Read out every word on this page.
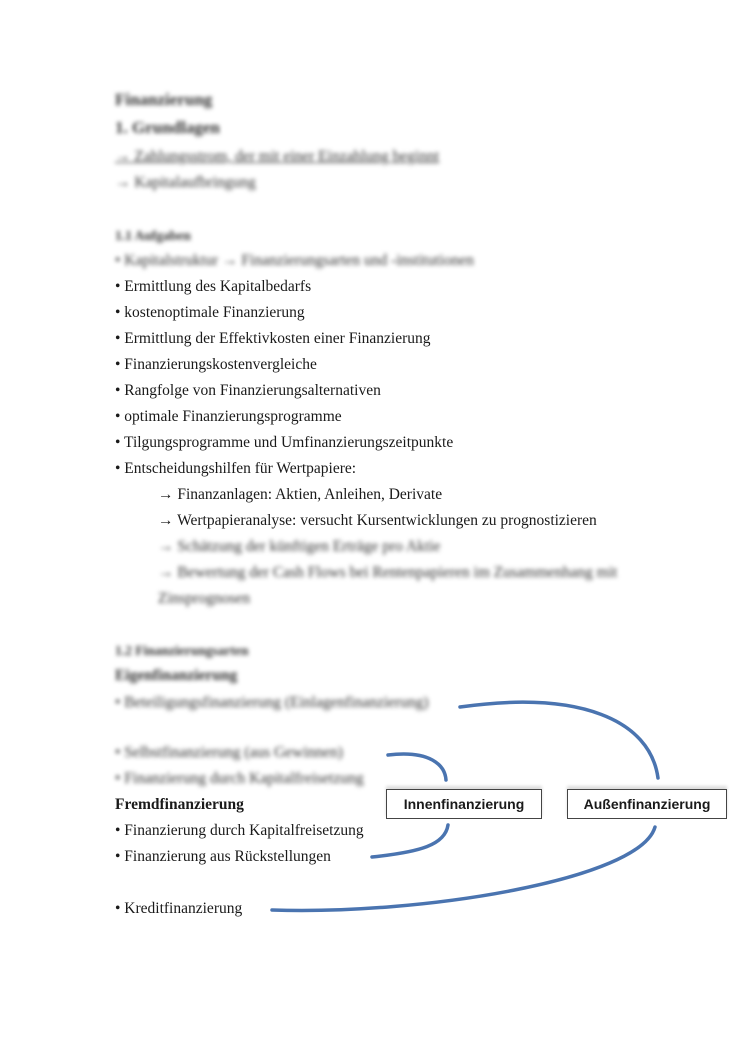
Finanzierung
1. Grundlagen
→ Zahlungsstrom, der mit einer Einzahlung beginnt
→ Kapitalaufbringung
1.1 Aufgaben
• Kapitalstruktur → Finanzierungsarten und -institutionen
• Ermittlung des Kapitalbedarfs
• kostenoptimale Finanzierung
• Ermittlung der Effektivkosten einer Finanzierung
• Finanzierungskostenvergleiche
• Rangfolge von Finanzierungsalternativen
• optimale Finanzierungsprogramme
• Tilgungsprogramme und Umfinanzierungszeitpunkte
• Entscheidungshilfen für Wertpapiere:
→ Finanzanlagen: Aktien, Anleihen, Derivate
→ Wertpapieranalyse: versucht Kursentwicklungen zu prognostizieren
→ Schätzung der künftigen Erträge pro Aktie
→ Bewertung der Cash Flows bei Rentenpapieren im Zusammenhang mit
Zinsprognosen
1.2 Finanzierungsarten
Eigenfinanzierung
• Beteiligungsfinanzierung (Einlagenfinanzierung)
• Selbstfinanzierung (aus Gewinnen)
• Finanzierung durch Kapitalfreisetzung
Fremdfinanzierung
• Finanzierung durch Kapitalfreisetzung
• Finanzierung aus Rückstellungen
• Kreditfinanzierung
Innenfinanzierung	Außenfinanzierung
